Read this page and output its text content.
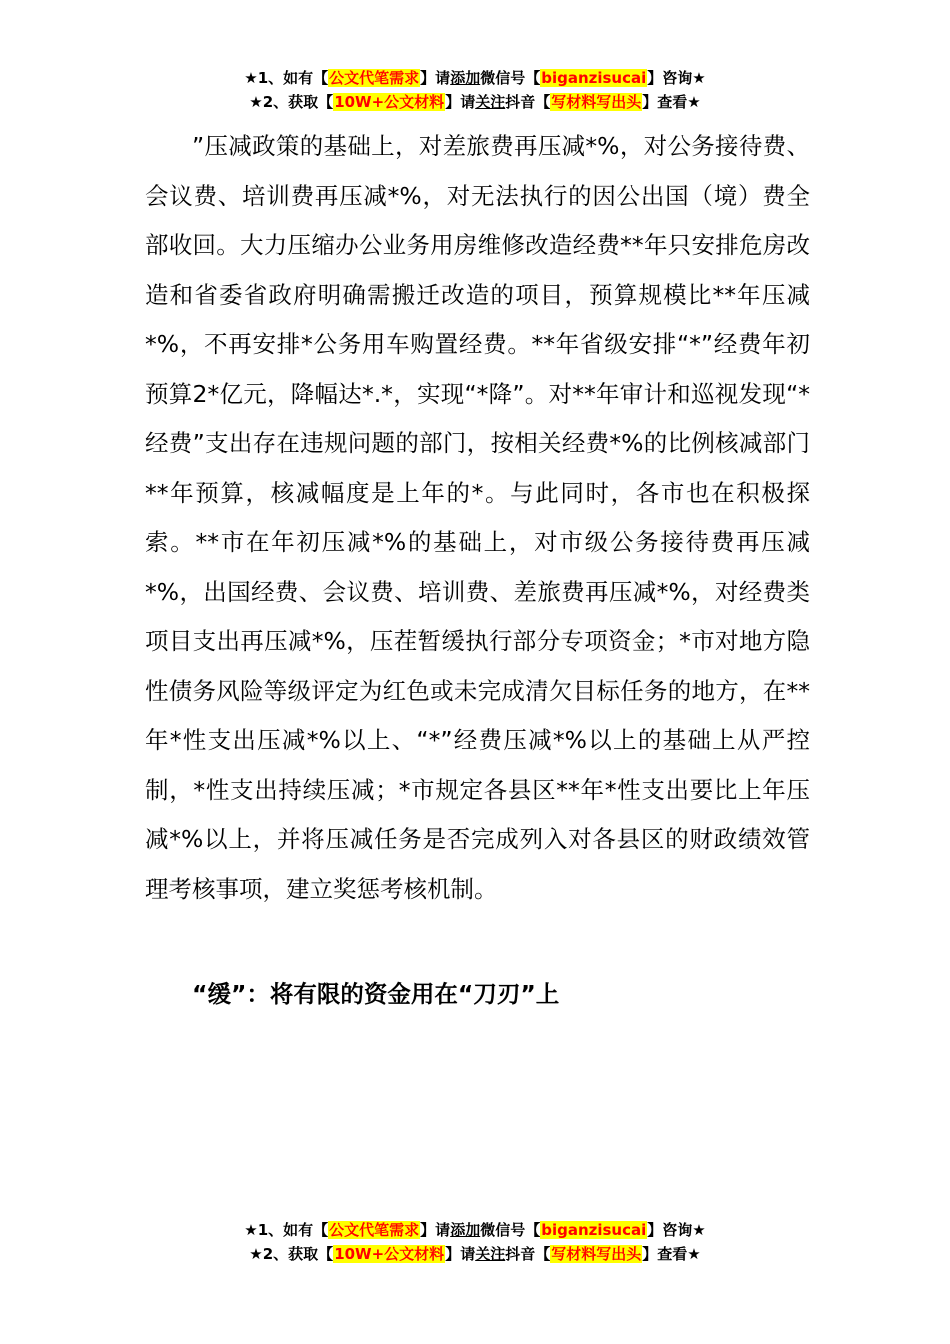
★1、如有【公文代笔需求】请添加微信号【biganzisucai】咨询★
★2、获取【10W+公文材料】请关注抖音【写材料写出头】查看★

”压减政策的基础上，对差旅费再压减*%，对公务接待费、会议费、培训费再压减*%，对无法执行的因公出国（境）费全部收回。大力压缩办公业务用房维修改造经费**年只安排危房改造和省委省政府明确需搬迁改造的项目，预算规模比**年压减*%，不再安排*公务用车购置经费。**年省级安排“*”经费年初预算2*亿元，降幅达*.*，实现“*降”。对**年审计和巡视发现“*经费”支出存在违规问题的部门，按相关经费*%的比例核减部门**年预算，核减幅度是上年的*。与此同时，各市也在积极探索。**市在年初压减*%的基础上，对市级公务接待费再压减*%，出国经费、会议费、培训费、差旅费再压减*%，对经费类项目支出再压减*%，压茬暂缓执行部分专项资金；*市对地方隐性债务风险等级评定为红色或未完成清欠目标任务的地方，在**年*性支出压减*%以上、“*”经费压减*%以上的基础上从严控制，*性支出持续压减；*市规定各县区**年*性支出要比上年压减*%以上，并将压减任务是否完成列入对各县区的财政绩效管理考核事项，建立奖惩考核机制。

“缓”：将有限的资金用在“刀刃”上
★1、如有【公文代笔需求】请添加微信号【biganzisucai】咨询★
★2、获取【10W+公文材料】请关注抖音【写材料写出头】查看★
